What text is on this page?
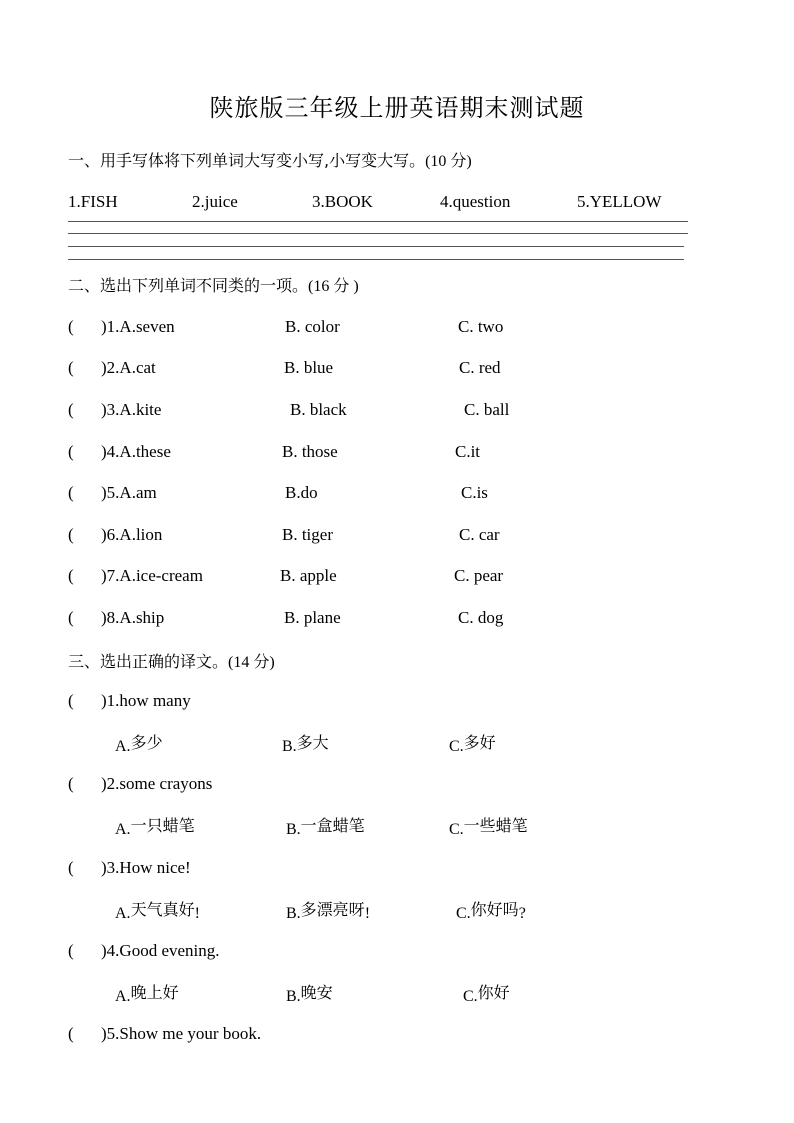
陕旅版三年级上册英语期末测试题
一、用手写体将下列单词大写变小写,小写变大写。(10 分)
1.FISH	2.juice	3.BOOK	4.question	5.YELLOW
二、选出下列单词不同类的一项。(16 分 )
( )1.A.seven	B. color	C. two
( )2.A.cat	B. blue	C. red
( )3.A.kite	B. black	C. ball
( )4.A.these	B. those	C.it
( )5.A.am	B.do	C.is
( )6.A.lion	B. tiger	C. car
( )7.A.ice-cream	B. apple	C. pear
( )8.A.ship	B. plane	C. dog
三、选出正确的译文。(14 分)
( )1.how many
A.多少	B.多大	C.多好
( )2.some crayons
A.一只蜡笔	B.一盒蜡笔	C.一些蜡笔
( )3.How nice!
A.天气真好!	B.多漂亮呀!	C.你好吗?
( )4.Good evening.
A.晚上好	B.晚安	C.你好
( )5.Show me your book.
